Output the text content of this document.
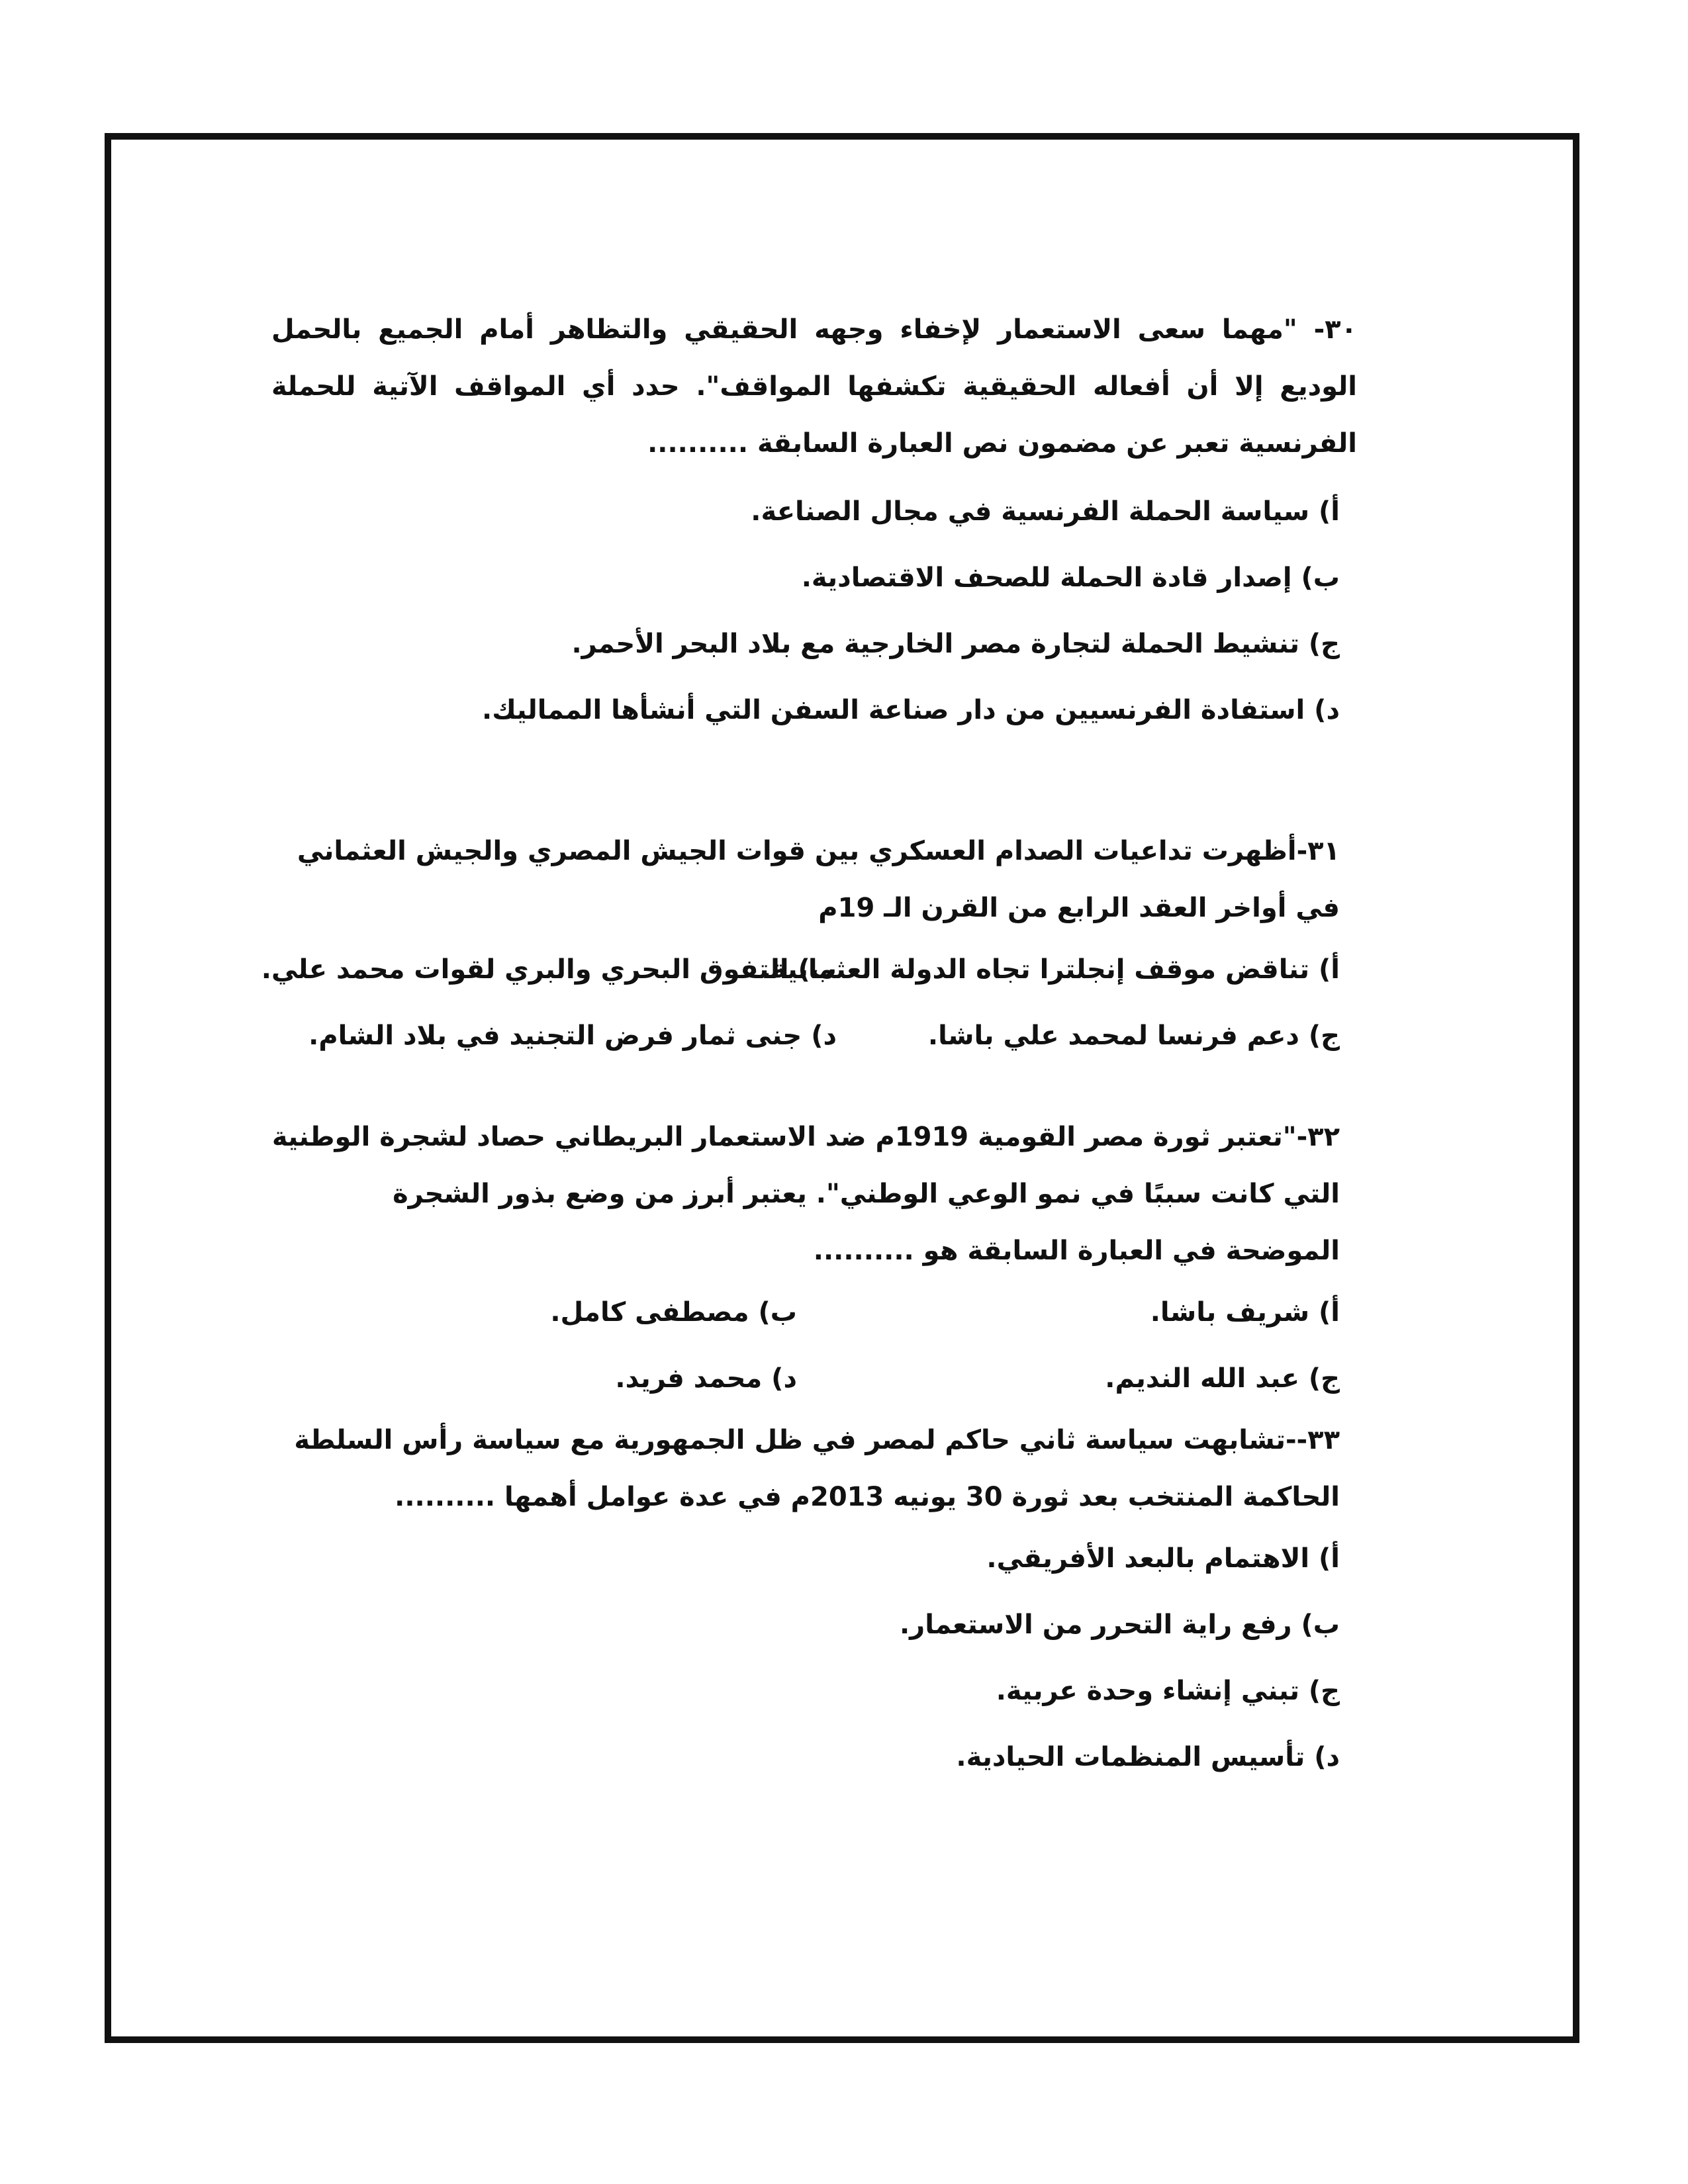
٣٠- "مهما سعى الاستعمار لإخفاء وجهه الحقيقي والتظاهر أمام الجميع بالحمل الوديع إلا أن أفعاله الحقيقية تكشفها المواقف". حدد أي المواقف الآتية للحملة الفرنسية تعبر عن مضمون نص العبارة السابقة ..........

أ) سياسة الحملة الفرنسية في مجال الصناعة.

ب) إصدار قادة الحملة للصحف الاقتصادية.

ج) تنشيط الحملة لتجارة مصر الخارجية مع بلاد البحر الأحمر.

د) استفادة الفرنسيين من دار صناعة السفن التي أنشأها المماليك.

٣١-أظهرت تداعيات الصدام العسكري بين قوات الجيش المصري والجيش العثماني في أواخر العقد الرابع من القرن الـ 19م

أ) تناقض موقف إنجلترا تجاه الدولة العثمانية.
ب) التفوق البحري والبري لقوات محمد علي.
ج) دعم فرنسا لمحمد علي باشا.
د) جنى ثمار فرض التجنيد في بلاد الشام.

٣٢-"تعتبر ثورة مصر القومية 1919م ضد الاستعمار البريطاني حصاد لشجرة الوطنية التي كانت سببًا في نمو الوعي الوطني". يعتبر أبرز من وضع بذور الشجرة الموضحة في العبارة السابقة هو ..........

أ) شريف باشا.
ب) مصطفى كامل.
ج) عبد الله النديم.
د) محمد فريد.

٣٣--تشابهت سياسة ثاني حاكم لمصر في ظل الجمهورية مع سياسة رأس السلطة الحاكمة المنتخب بعد ثورة 30 يونيه 2013م في عدة عوامل أهمها ..........

أ) الاهتمام بالبعد الأفريقي.

ب) رفع راية التحرر من الاستعمار.

ج) تبني إنشاء وحدة عربية.

د) تأسيس المنظمات الحيادية.
